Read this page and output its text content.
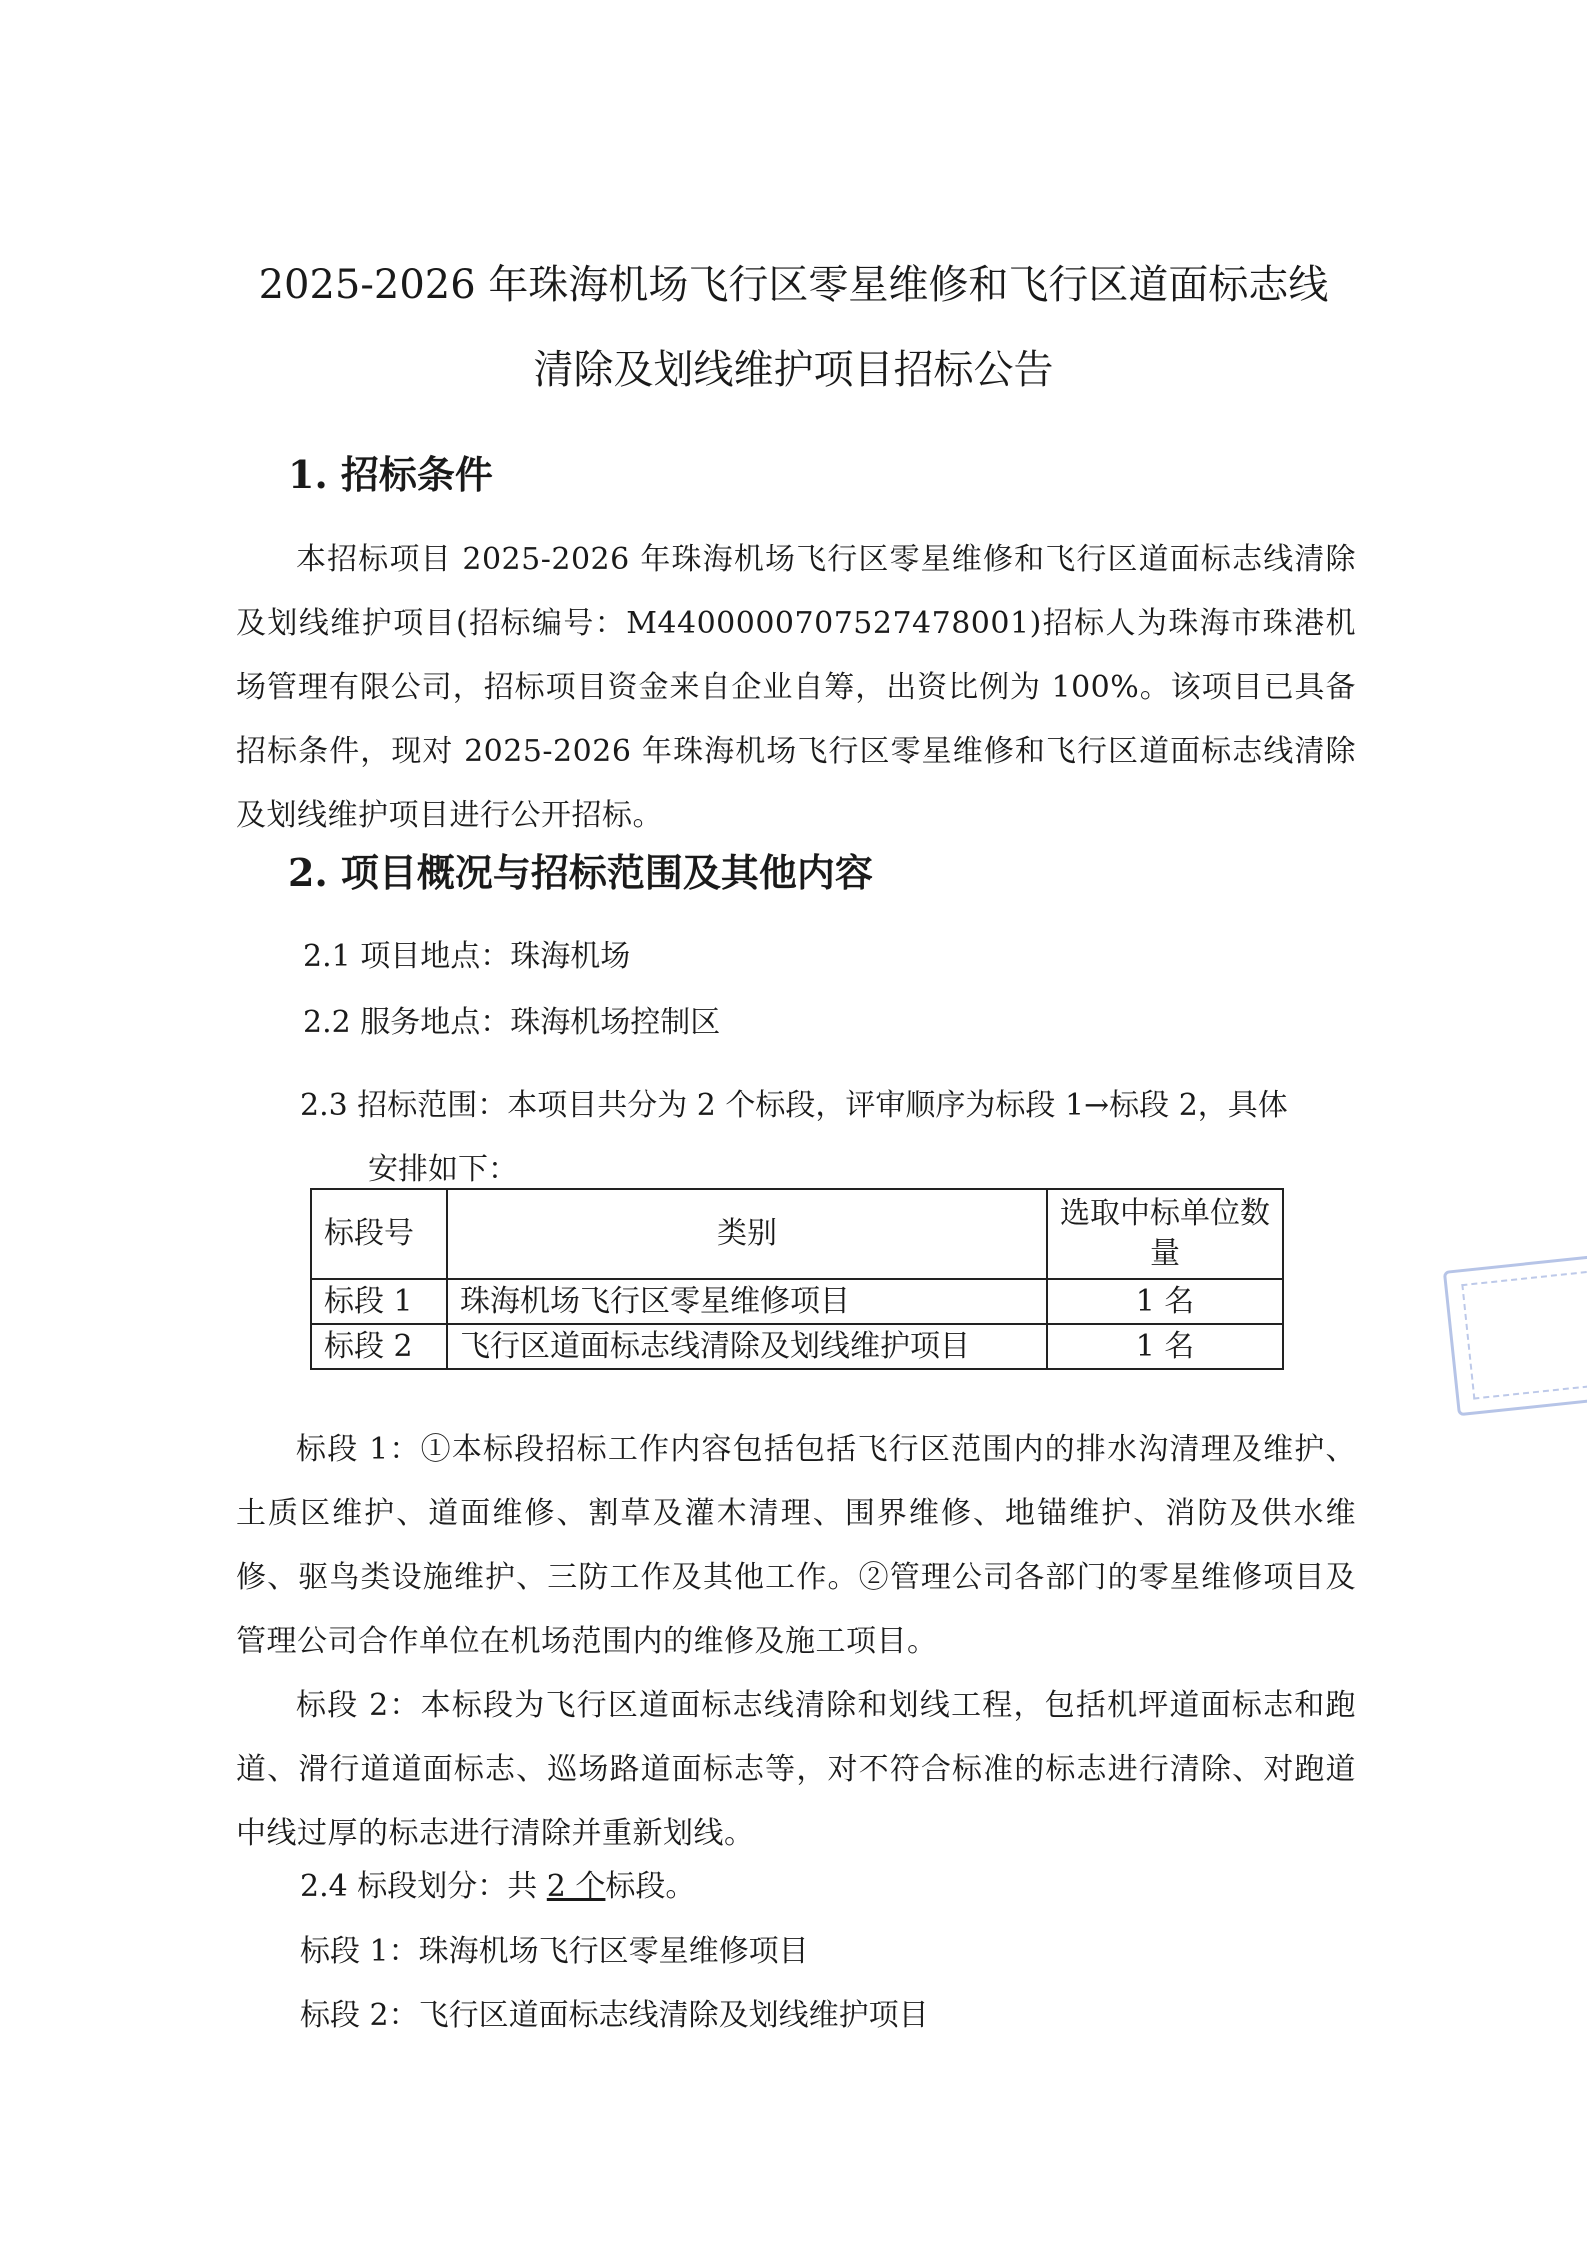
2025-2026 年珠海机场飞行区零星维修和飞行区道面标志线
清除及划线维护项目招标公告
1. 招标条件

本招标项目 2025-2026 年珠海机场飞行区零星维修和飞行区道面标志线清除及划线维护项目(招标编号：M4400000707527478001)招标人为珠海市珠港机场管理有限公司，招标项目资金来自企业自筹，出资比例为 100%。该项目已具备招标条件，现对 2025-2026 年珠海机场飞行区零星维修和飞行区道面标志线清除及划线维护项目进行公开招标。

2. 项目概况与招标范围及其他内容

2.1 项目地点：珠海机场

2.2 服务地点：珠海机场控制区

2.3 招标范围：本项目共分为 2 个标段，评审顺序为标段 1→标段 2，具体
安排如下：

标段号	类别	选取中标单位数量
标段 1	珠海机场飞行区零星维修项目	1 名
标段 2	飞行区道面标志线清除及划线维护项目	1 名

标段 1：①本标段招标工作内容包括包括飞行区范围内的排水沟清理及维护、土质区维护、道面维修、割草及灌木清理、围界维修、地锚维护、消防及供水维修、驱鸟类设施维护、三防工作及其他工作。②管理公司各部门的零星维修项目及管理公司合作单位在机场范围内的维修及施工项目。

标段 2：本标段为飞行区道面标志线清除和划线工程，包括机坪道面标志和跑道、滑行道道面标志、巡场路道面标志等，对不符合标准的标志进行清除、对跑道中线过厚的标志进行清除并重新划线。

2.4 标段划分：共 2 个标段。

标段 1：珠海机场飞行区零星维修项目

标段 2：飞行区道面标志线清除及划线维护项目
